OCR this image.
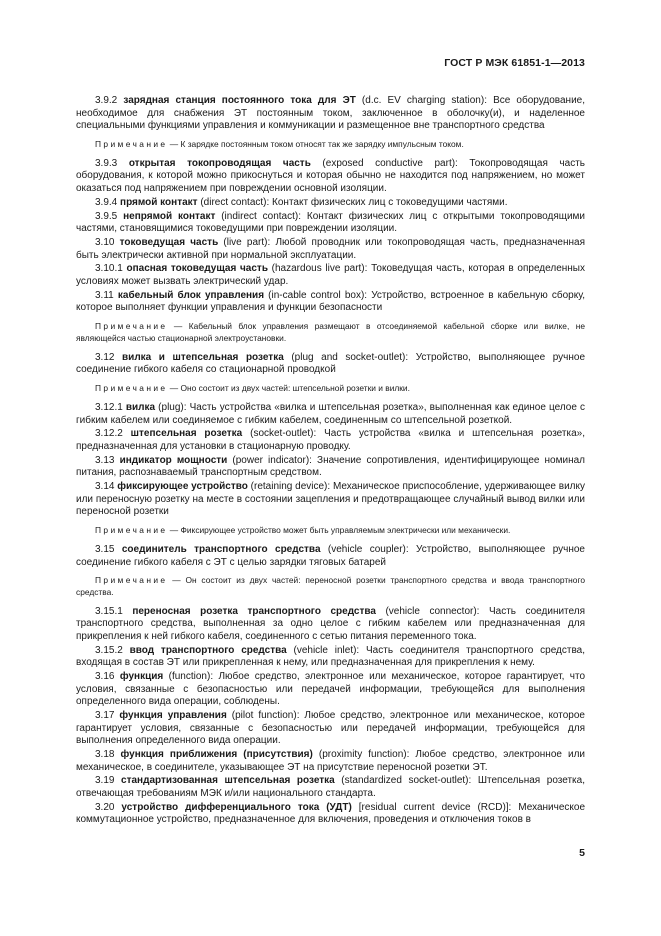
ГОСТ Р МЭК 61851-1—2013
3.9.2 зарядная станция постоянного тока для ЭТ (d.c. EV charging station): Все оборудование, необходимое для снабжения ЭТ постоянным током, заключенное в оболочку(и), и наделенное специальными функциями управления и коммуникации и размещенное вне транспортного средства
Примечание — К зарядке постоянным током относят так же зарядку импульсным током.
3.9.3 открытая токопроводящая часть (exposed conductive part): Токопроводящая часть оборудования, к которой можно прикоснуться и которая обычно не находится под напряжением, но может оказаться под напряжением при повреждении основной изоляции.
3.9.4 прямой контакт (direct contact): Контакт физических лиц с токоведущими частями.
3.9.5 непрямой контакт (indirect contact): Контакт физических лиц с открытыми токопроводящими частями, становящимися токоведущими при повреждении изоляции.
3.10 токоведущая часть (live part): Любой проводник или токопроводящая часть, предназначенная быть электрически активной при нормальной эксплуатации.
3.10.1 опасная токоведущая часть (hazardous live part): Токоведущая часть, которая в определенных условиях может вызвать электрический удар.
3.11 кабельный блок управления (in-cable control box): Устройство, встроенное в кабельную сборку, которое выполняет функции управления и функции безопасности
Примечание — Кабельный блок управления размещают в отсоединяемой кабельной сборке или вилке, не являющейся частью стационарной электроустановки.
3.12 вилка и штепсельная розетка (plug and socket-outlet): Устройство, выполняющее ручное соединение гибкого кабеля со стационарной проводкой
Примечание — Оно состоит из двух частей: штепсельной розетки и вилки.
3.12.1 вилка (plug): Часть устройства «вилка и штепсельная розетка», выполненная как единое целое с гибким кабелем или соединяемое с гибким кабелем, соединенным со штепсельной розеткой.
3.12.2 штепсельная розетка (socket-outlet): Часть устройства «вилка и штепсельная розетка», предназначенная для установки в стационарную проводку.
3.13 индикатор мощности (power indicator): Значение сопротивления, идентифицирующее номинал питания, распознаваемый транспортным средством.
3.14 фиксирующее устройство (retaining device): Механическое приспособление, удерживающее вилку или переносную розетку на месте в состоянии зацепления и предотвращающее случайный вывод вилки или переносной розетки
Примечание — Фиксирующее устройство может быть управляемым электрически или механически.
3.15 соединитель транспортного средства (vehicle coupler): Устройство, выполняющее ручное соединение гибкого кабеля с ЭТ с целью зарядки тяговых батарей
Примечание — Он состоит из двух частей: переносной розетки транспортного средства и ввода транспортного средства.
3.15.1 переносная розетка транспортного средства (vehicle connector): Часть соединителя транспортного средства, выполненная за одно целое с гибким кабелем или предназначенная для прикрепления к ней гибкого кабеля, соединенного с сетью питания переменного тока.
3.15.2 ввод транспортного средства (vehicle inlet): Часть соединителя транспортного средства, входящая в состав ЭТ или прикрепленная к нему, или предназначенная для прикрепления к нему.
3.16 функция (function): Любое средство, электронное или механическое, которое гарантирует, что условия, связанные с безопасностью или передачей информации, требующейся для выполнения определенного вида операции, соблюдены.
3.17 функция управления (pilot function): Любое средство, электронное или механическое, которое гарантирует условия, связанные с безопасностью или передачей информации, требующейся для выполнения определенного вида операции.
3.18 функция приближения (присутствия) (proximity function): Любое средство, электронное или механическое, в соединителе, указывающее ЭТ на присутствие переносной розетки ЭТ.
3.19 стандартизованная штепсельная розетка (standardized socket-outlet): Штепсельная розетка, отвечающая требованиям МЭК и/или национального стандарта.
3.20 устройство дифференциального тока (УДТ) [residual current device (RCD)]: Механическое коммутационное устройство, предназначенное для включения, проведения и отключения токов в
5
